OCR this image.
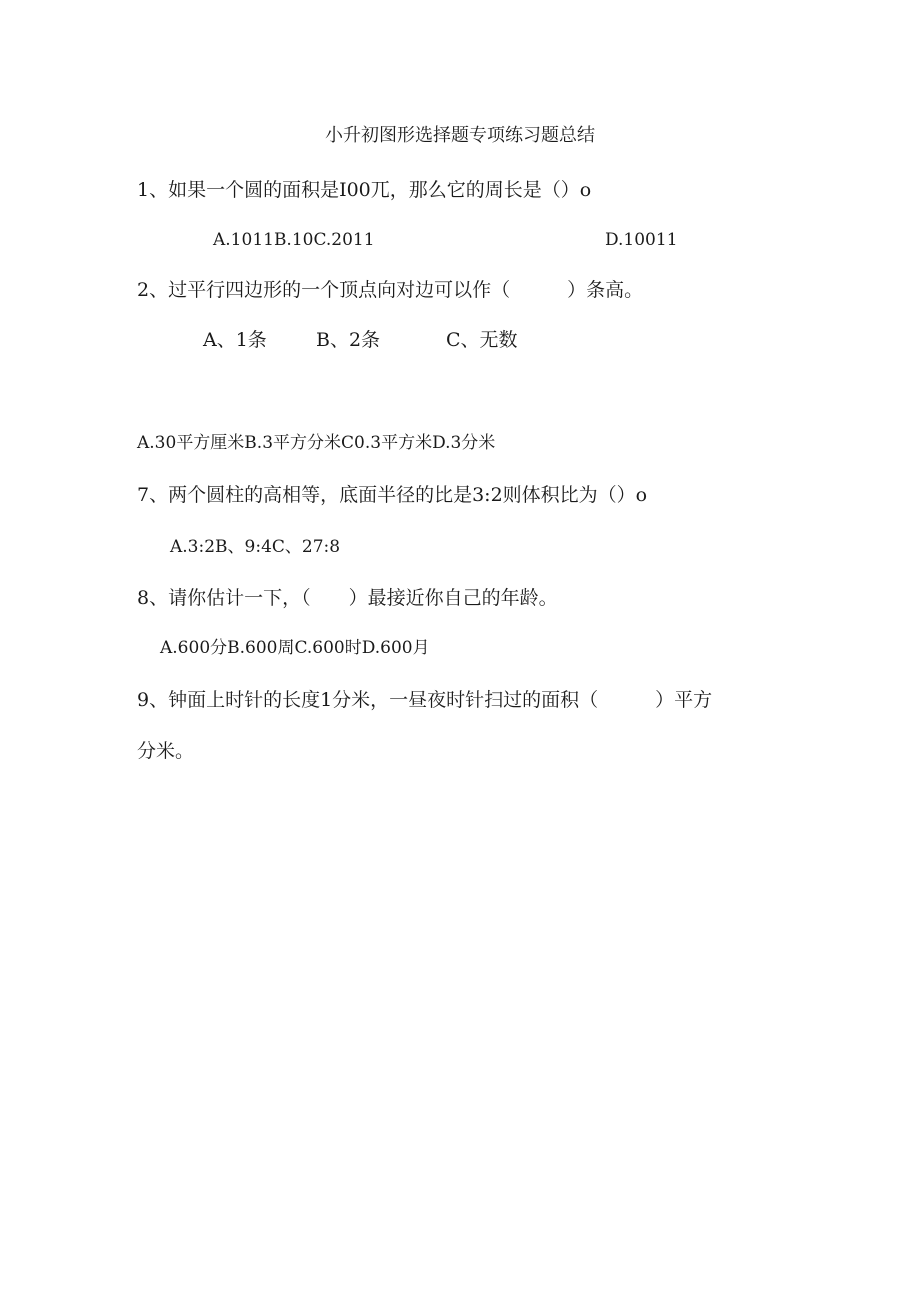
小升初图形选择题专项练习题总结
1、如果一个圆的面积是I00兀，那么它的周长是（）o
A.1011B.10C.2011	D.10011
2、过平行四边形的一个顶点向对边可以作（　　　）条高。
A、1条	B、2条	C、无数
A.30平方厘米B.3平方分米C0.3平方米D.3分米
7、两个圆柱的高相等，底面半径的比是3:2则体积比为（）o
A.3:2B、9:4C、27:8
8、请你估计一下，（　　）最接近你自己的年龄。
A.600分B.600周C.600时D.600月
9、钟面上时针的长度1分米，一昼夜时针扫过的面积（　　　）平方
分米。
